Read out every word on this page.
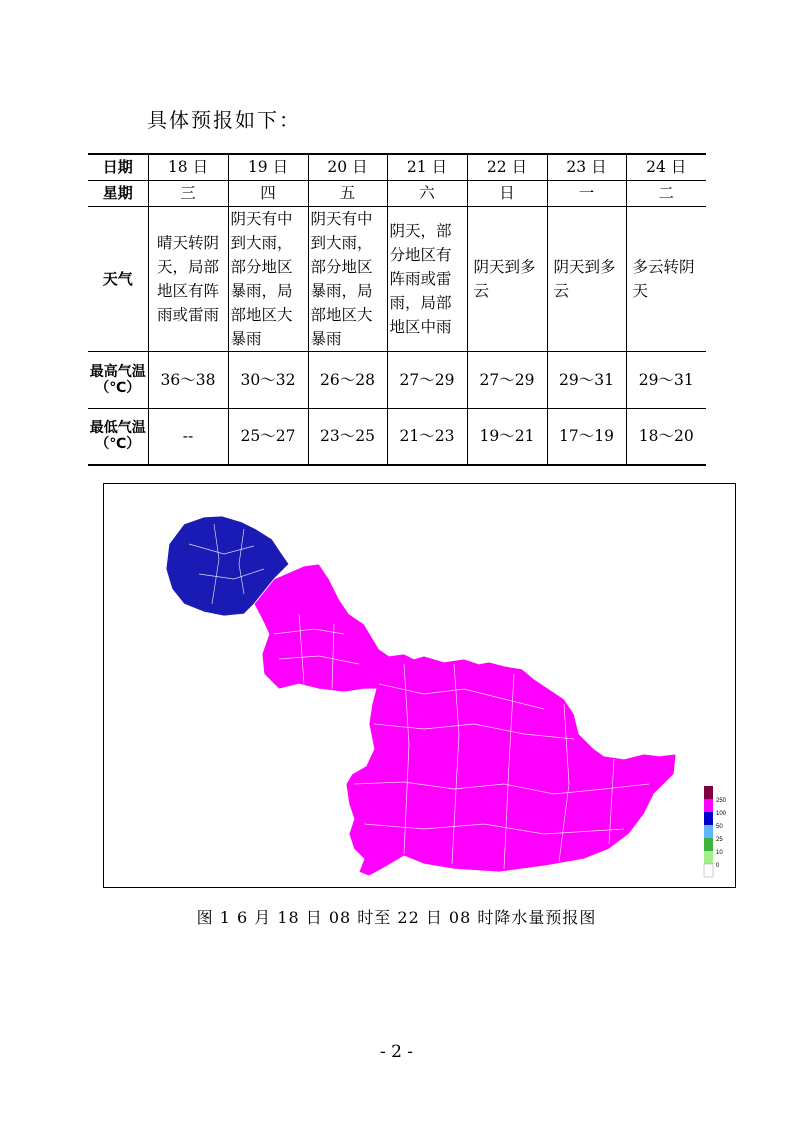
具体预报如下：
日期	18 日	19 日	20 日	21 日	22 日	23 日	24 日
星期	三	四	五	六	日	一	二
天气	晴天转阴天，局部地区有阵雨或雷雨	阴天有中到大雨，部分地区暴雨，局部地区大暴雨	阴天有中到大雨，部分地区暴雨，局部地区大暴雨	阴天，部分地区有阵雨或雷雨，局部地区中雨	阴天到多云	阴天到多云	多云转阴天
最高气温（℃）	36～38	30～32	26～28	27～29	27～29	29～31	29～31
最低气温（℃）	--	25～27	23～25	21～23	19～21	17～19	18～20
250
100
50
25
10
0
图 1 6 月 18 日 08 时至 22 日 08 时降水量预报图
- 2 -
